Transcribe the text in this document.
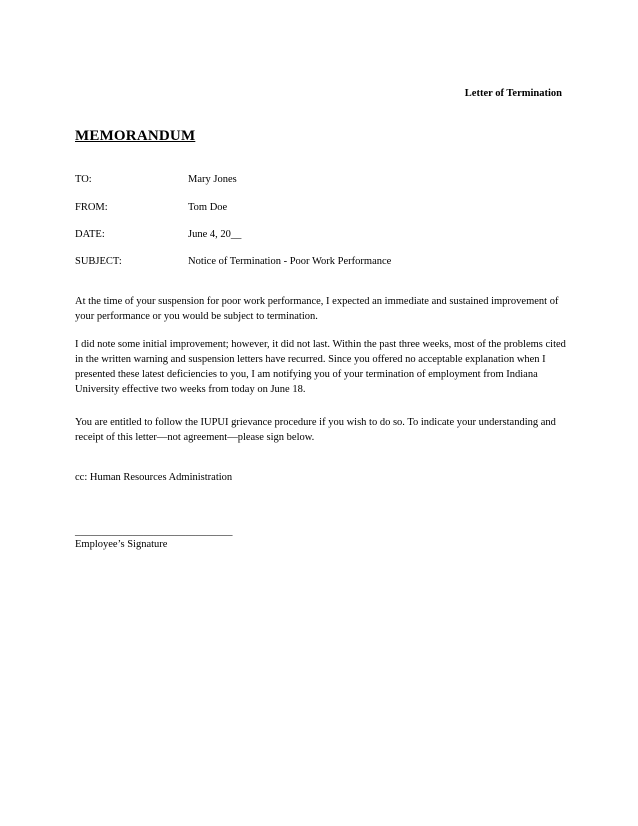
Letter of Termination
MEMORANDUM
TO:	Mary Jones
FROM:	Tom Doe
DATE:	June 4, 20__
SUBJECT:	Notice of Termination - Poor Work Performance

At the time of your suspension for poor work performance, I expected an immediate and sustained improvement of your performance or you would be subject to termination.

I did note some initial improvement; however, it did not last. Within the past three weeks, most of the problems cited in the written warning and suspension letters have recurred. Since you offered no acceptable explanation when I presented these latest deficiencies to you, I am notifying you of your termination of employment from Indiana University effective two weeks from today on June 18.

You are entitled to follow the IUPUI grievance procedure if you wish to do so. To indicate your understanding and receipt of this letter—not agreement—please sign below.

cc: Human Resources Administration
______________________________
Employee’s Signature
